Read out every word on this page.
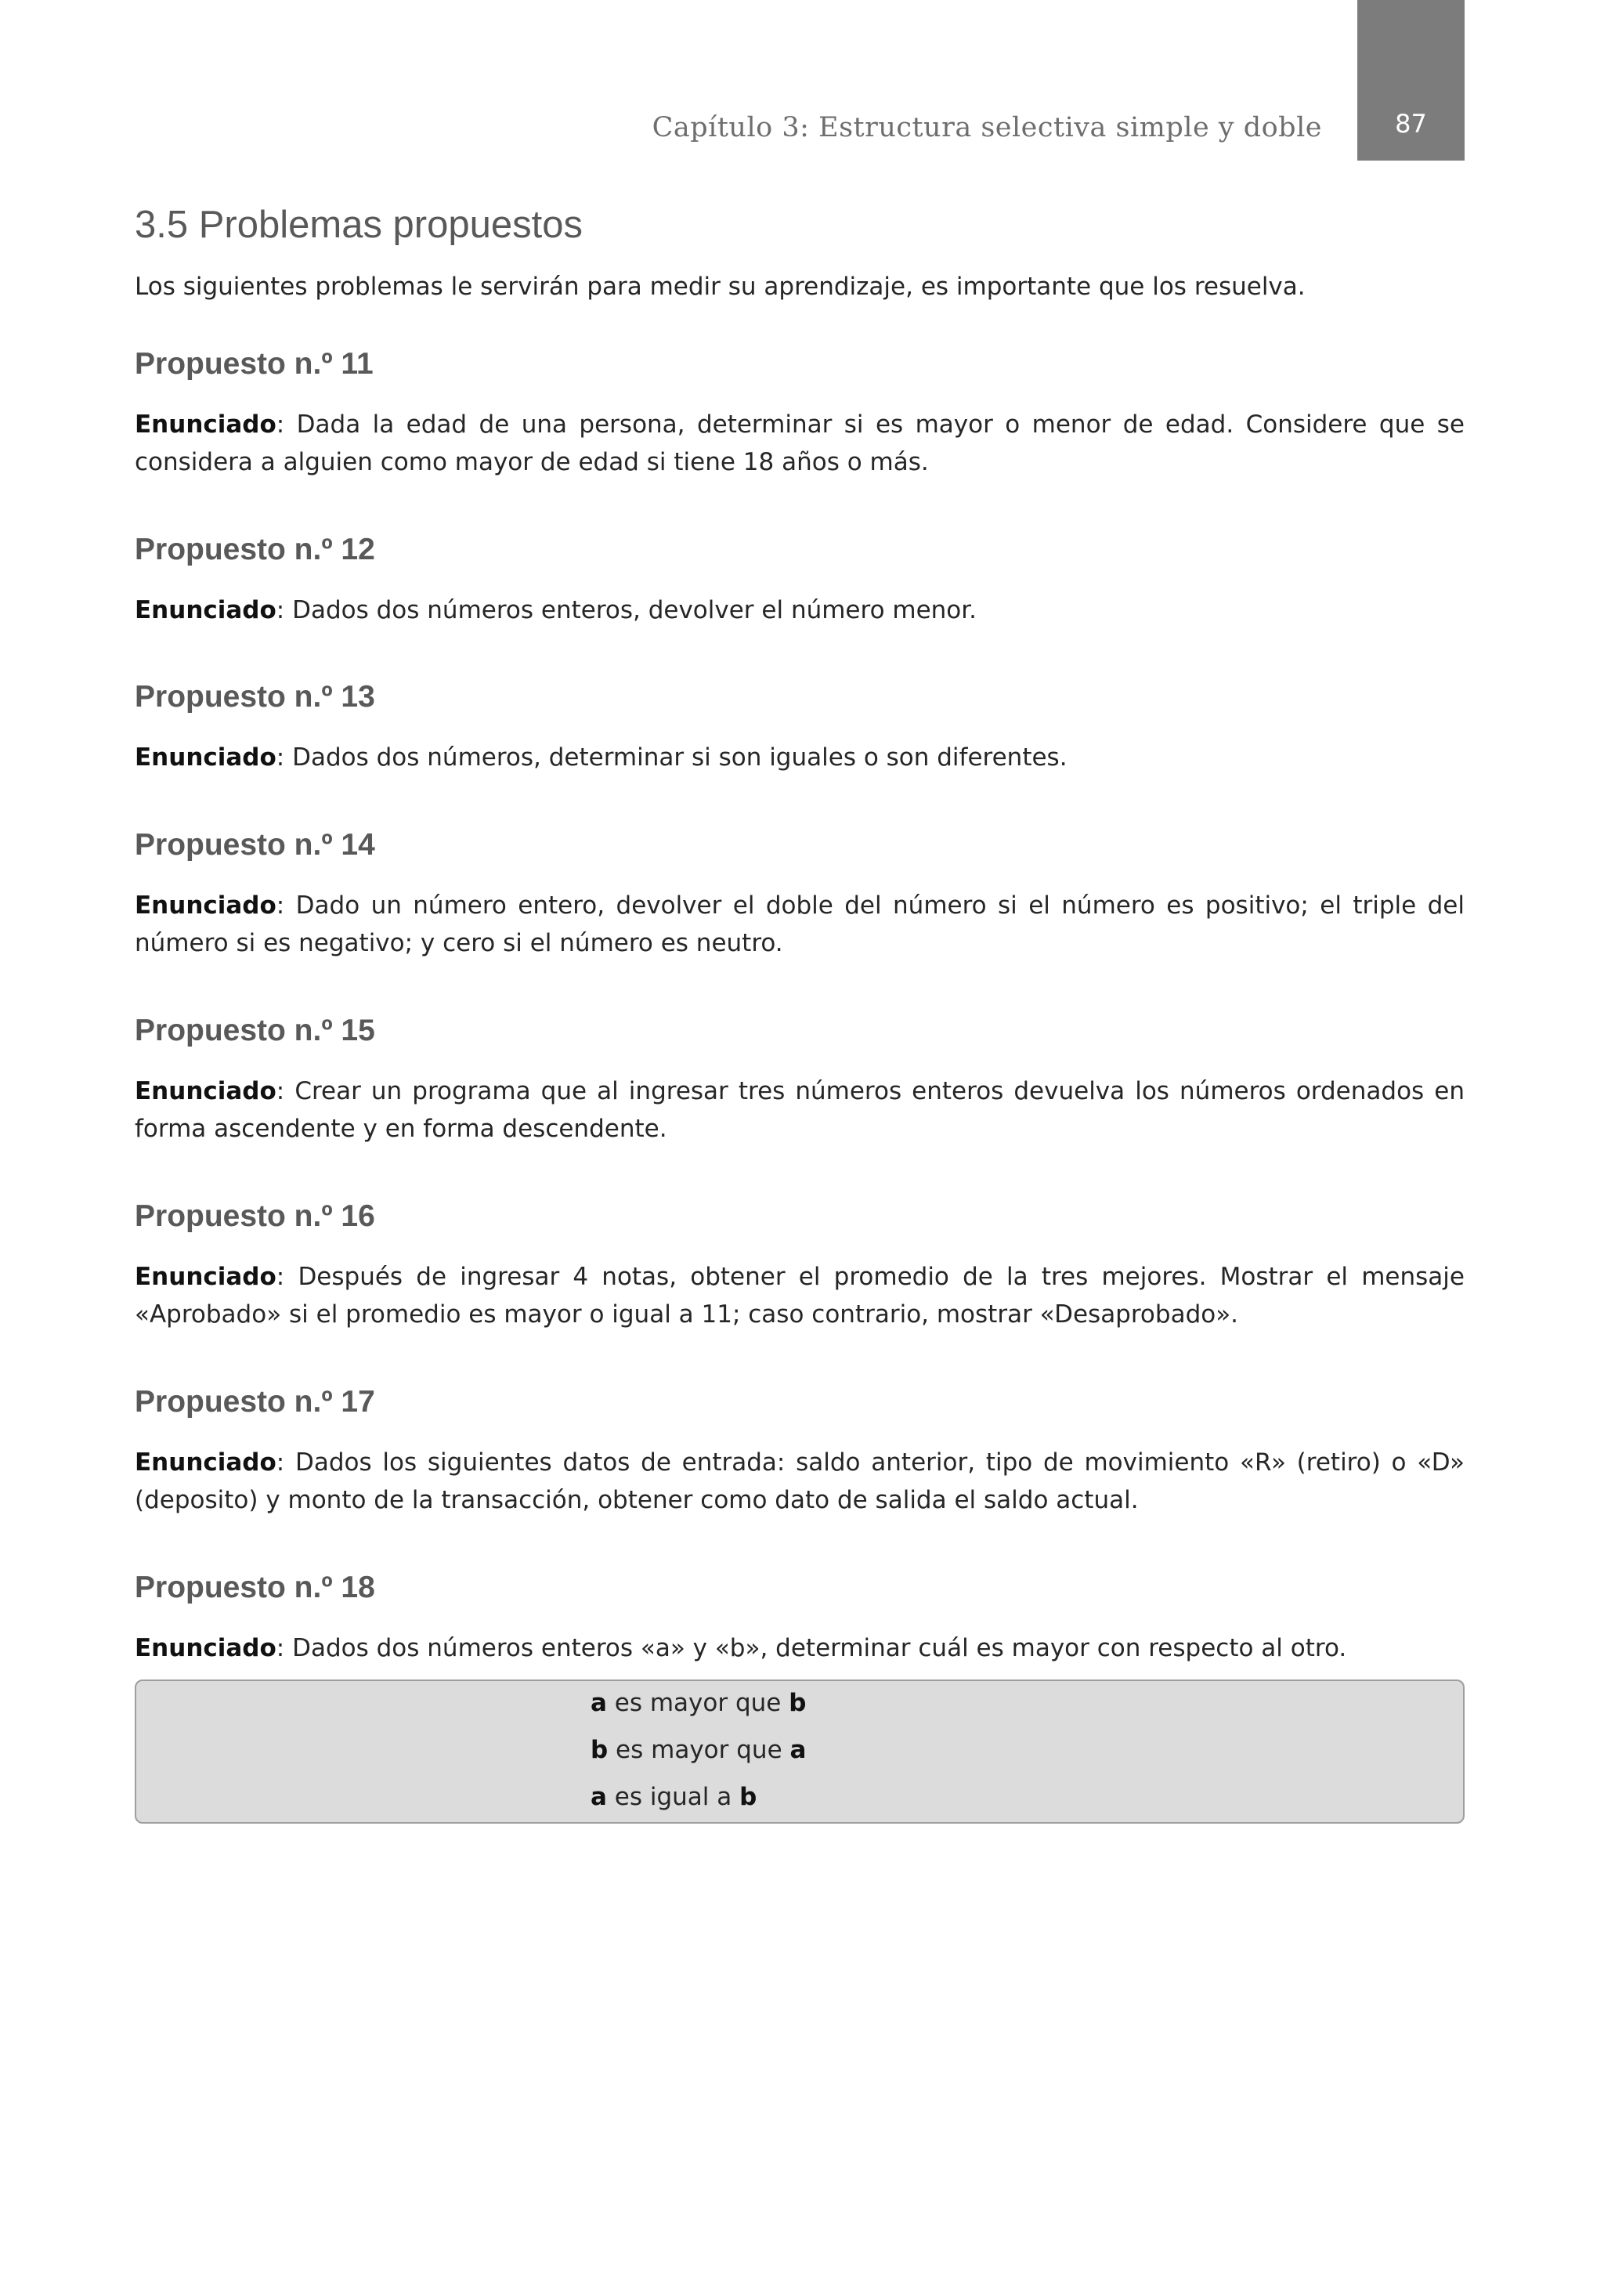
87
Capítulo 3: Estructura selectiva simple y doble
3.5 Problemas propuestos

Los siguientes problemas le servirán para medir su aprendizaje, es importante que los resuelva.

Propuesto n.º 11

Enunciado: Dada la edad de una persona, determinar si es mayor o menor de edad. Considere que se considera a alguien como mayor de edad si tiene 18 años o más.

Propuesto n.º 12

Enunciado: Dados dos números enteros, devolver el número menor.

Propuesto n.º 13

Enunciado: Dados dos números, determinar si son iguales o son diferentes.

Propuesto n.º 14

Enunciado: Dado un número entero, devolver el doble del número si el número es positivo; el triple del número si es negativo; y cero si el número es neutro.

Propuesto n.º 15

Enunciado: Crear un programa que al ingresar tres números enteros devuelva los números ordenados en forma ascendente y en forma descendente.

Propuesto n.º 16

Enunciado: Después de ingresar 4 notas, obtener el promedio de la tres mejores. Mostrar el mensaje «Aprobado» si el promedio es mayor o igual a 11; caso contrario, mostrar «Desaprobado».

Propuesto n.º 17

Enunciado: Dados los siguientes datos de entrada: saldo anterior, tipo de movimiento «R» (retiro) o «D» (deposito) y monto de la transacción, obtener como dato de salida el saldo actual.

Propuesto n.º 18

Enunciado: Dados dos números enteros «a» y «b», determinar cuál es mayor con respecto al otro.

a es mayor que b
b es mayor que a
a es igual a b
